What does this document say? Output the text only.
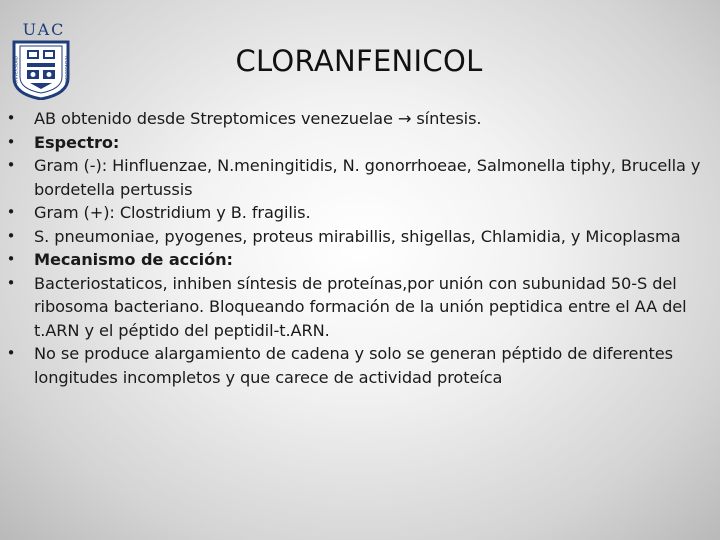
UAC
UNIVERSIDAD	TECNOLOGICA	CLORANFENICOL
• AB obtenido desde Streptomices venezuelae → síntesis.
• Espectro:
• Gram (-): Hinfluenzae, N.meningitidis, N. gonorrhoeae, Salmonella tiphy, Brucella y bordetella pertussis
• Gram (+): Clostridium y B. fragilis.
• S. pneumoniae, pyogenes, proteus mirabillis, shigellas, Chlamidia, y Micoplasma
• Mecanismo de acción:
• Bacteriostaticos, inhiben síntesis de proteínas,por unión con subunidad 50-S del ribosoma bacteriano. Bloqueando formación de la unión peptidica entre el AA del t.ARN y el péptido del peptidil-t.ARN.
• No se produce alargamiento de cadena y solo se generan péptido de diferentes longitudes incompletos y que carece de actividad proteíca
